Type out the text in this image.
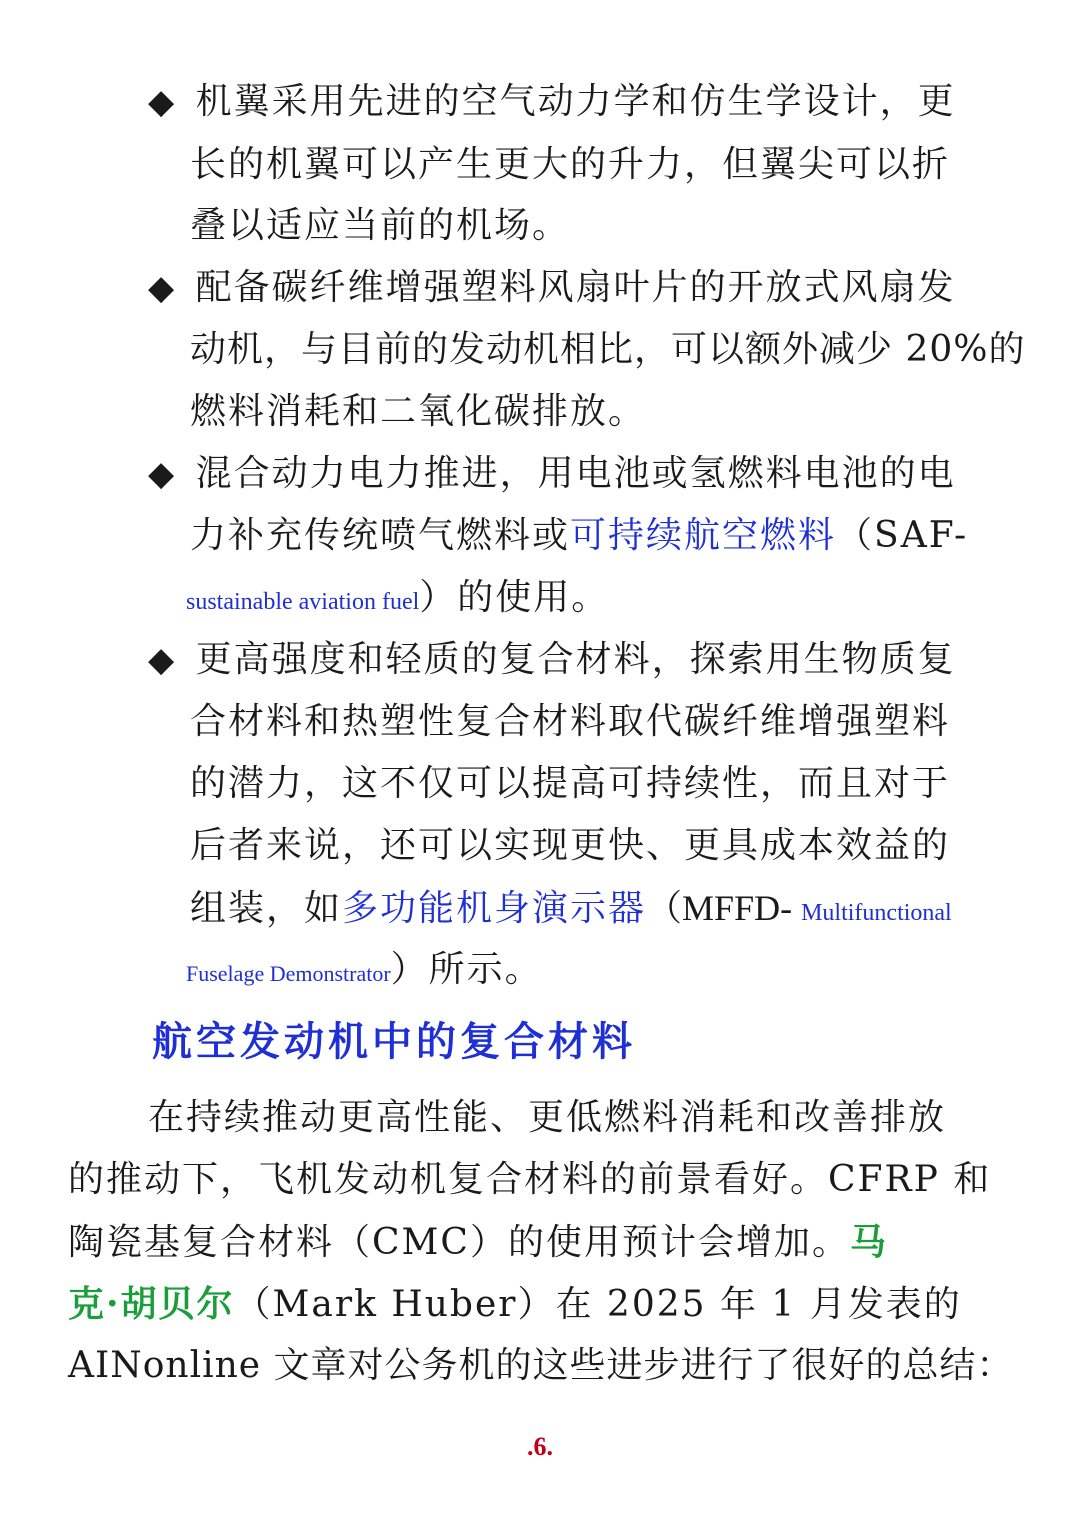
◆ 机翼采用先进的空气动力学和仿生学设计，更
长的机翼可以产生更大的升力，但翼尖可以折
叠以适应当前的机场。
◆ 配备碳纤维增强塑料风扇叶片的开放式风扇发
动机，与目前的发动机相比，可以额外减少 20%的
燃料消耗和二氧化碳排放。
◆ 混合动力电力推进，用电池或氢燃料电池的电
力补充传统喷气燃料或可持续航空燃料（SAF-
sustainable aviation fuel）的使用。
◆ 更高强度和轻质的复合材料，探索用生物质复
合材料和热塑性复合材料取代碳纤维增强塑料
的潜力，这不仅可以提高可持续性，而且对于
后者来说，还可以实现更快、更具成本效益的
组装，如多功能机身演示器（MFFD- Multifunctional
Fuselage Demonstrator）所示。
航空发动机中的复合材料
在持续推动更高性能、更低燃料消耗和改善排放
的推动下，飞机发动机复合材料的前景看好。CFRP 和
陶瓷基复合材料（CMC）的使用预计会增加。马
克·胡贝尔（Mark Huber）在 2025 年 1 月发表的
AINonline 文章对公务机的这些进步进行了很好的总结：
.6.
